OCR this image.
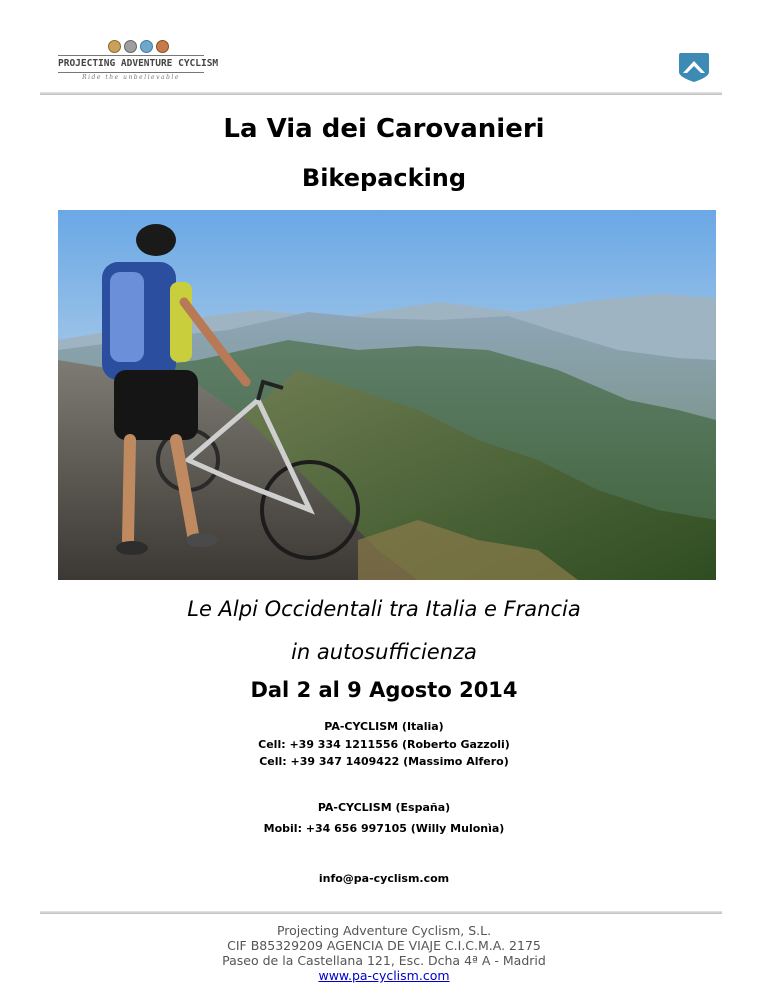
PROJECTING ADVENTURE CYCLISM
Ride the unbelievable
La Via dei Carovanieri
Bikepacking
Le Alpi Occidentali tra Italia e Francia
in autosufficienza
Dal 2 al 9 Agosto 2014
PA-CYCLISM (Italia)
Cell: +39 334 1211556 (Roberto Gazzoli)
Cell: +39 347 1409422 (Massimo Alfero)
PA-CYCLISM (España)
Mobil: +34 656 997105 (Willy Mulonìa)
info@pa-cyclism.com
Projecting Adventure Cyclism, S.L.
CIF B85329209 AGENCIA DE VIAJE C.I.C.M.A. 2175
Paseo de la Castellana 121, Esc. Dcha 4ª A - Madrid
www.pa-cyclism.com
